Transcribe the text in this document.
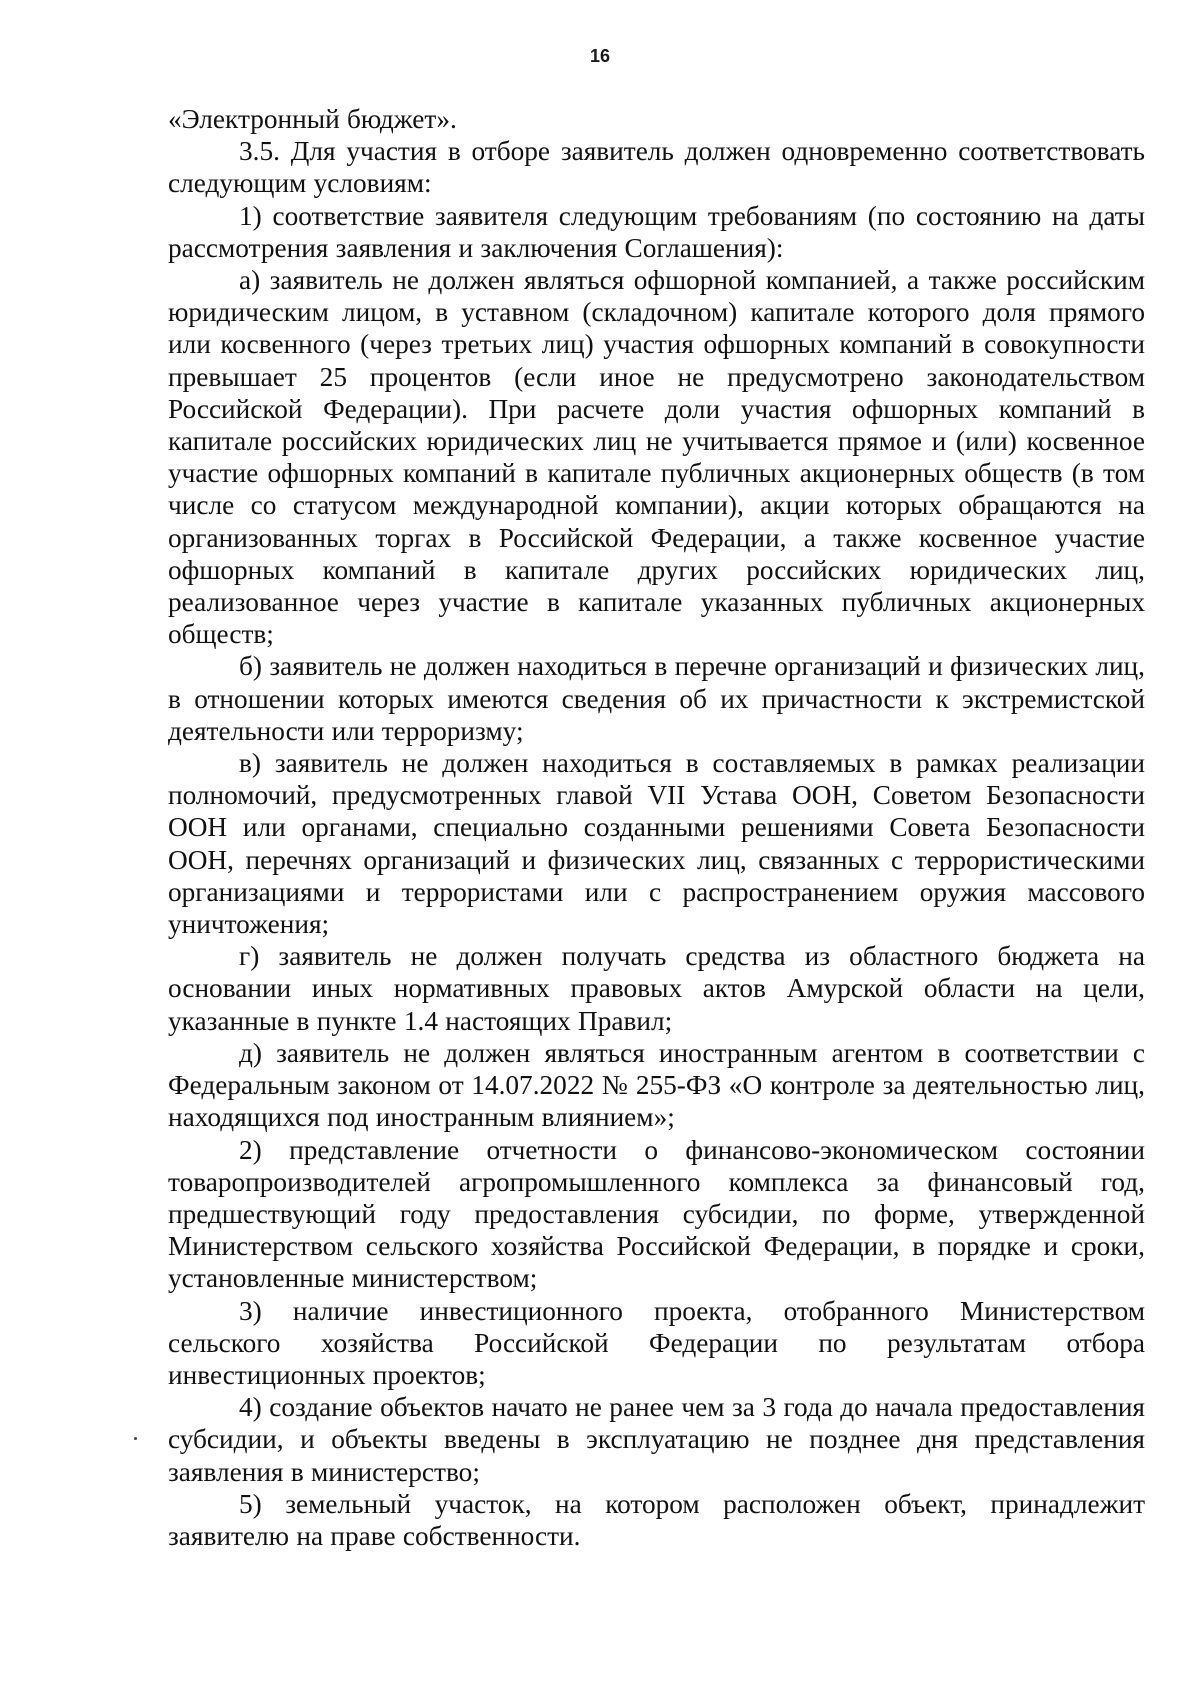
16

«Электронный бюджет».

3.5. Для участия в отборе заявитель должен одновременно соответствовать следующим условиям:

1) соответствие заявителя следующим требованиям (по состоянию на даты рассмотрения заявления и заключения Соглашения):

а) заявитель не должен являться офшорной компанией, а также российским юридическим лицом, в уставном (складочном) капитале которого доля прямого или косвенного (через третьих лиц) участия офшорных компаний в совокупности превышает 25 процентов (если иное не предусмотрено законодательством Российской Федерации). При расчете доли участия офшорных компаний в капитале российских юридических лиц не учитывается прямое и (или) косвенное участие офшорных компаний в капитале публичных акционерных обществ (в том числе со статусом международной компании), акции которых обращаются на организованных торгах в Российской Федерации, а также косвенное участие офшорных компаний в капитале других российских юридических лиц, реализованное через участие в капитале указанных публичных акционерных обществ;

б) заявитель не должен находиться в перечне организаций и физических лиц, в отношении которых имеются сведения об их причастности к экстремистской деятельности или терроризму;

в) заявитель не должен находиться в составляемых в рамках реализации полномочий, предусмотренных главой VII Устава ООН, Советом Безопасности ООН или органами, специально созданными решениями Совета Безопасности ООН, перечнях организаций и физических лиц, связанных с террористическими организациями и террористами или с распространением оружия массового уничтожения;

г) заявитель не должен получать средства из областного бюджета на основании иных нормативных правовых актов Амурской области на цели, указанные в пункте 1.4 настоящих Правил;

д) заявитель не должен являться иностранным агентом в соответствии с Федеральным законом от 14.07.2022 № 255-ФЗ «О контроле за деятельностью лиц, находящихся под иностранным влиянием»;

2) представление отчетности о финансово-экономическом состоянии товаропроизводителей агропромышленного комплекса за финансовый год, предшествующий году предоставления субсидии, по форме, утвержденной Министерством сельского хозяйства Российской Федерации, в порядке и сроки, установленные министерством;

3) наличие инвестиционного проекта, отобранного Министерством сельского хозяйства Российской Федерации по результатам отбора инвестиционных проектов;

4) создание объектов начато не ранее чем за 3 года до начала предоставления субсидии, и объекты введены в эксплуатацию не позднее дня представления заявления в министерство;

5) земельный участок, на котором расположен объект, принадлежит заявителю на праве собственности.
